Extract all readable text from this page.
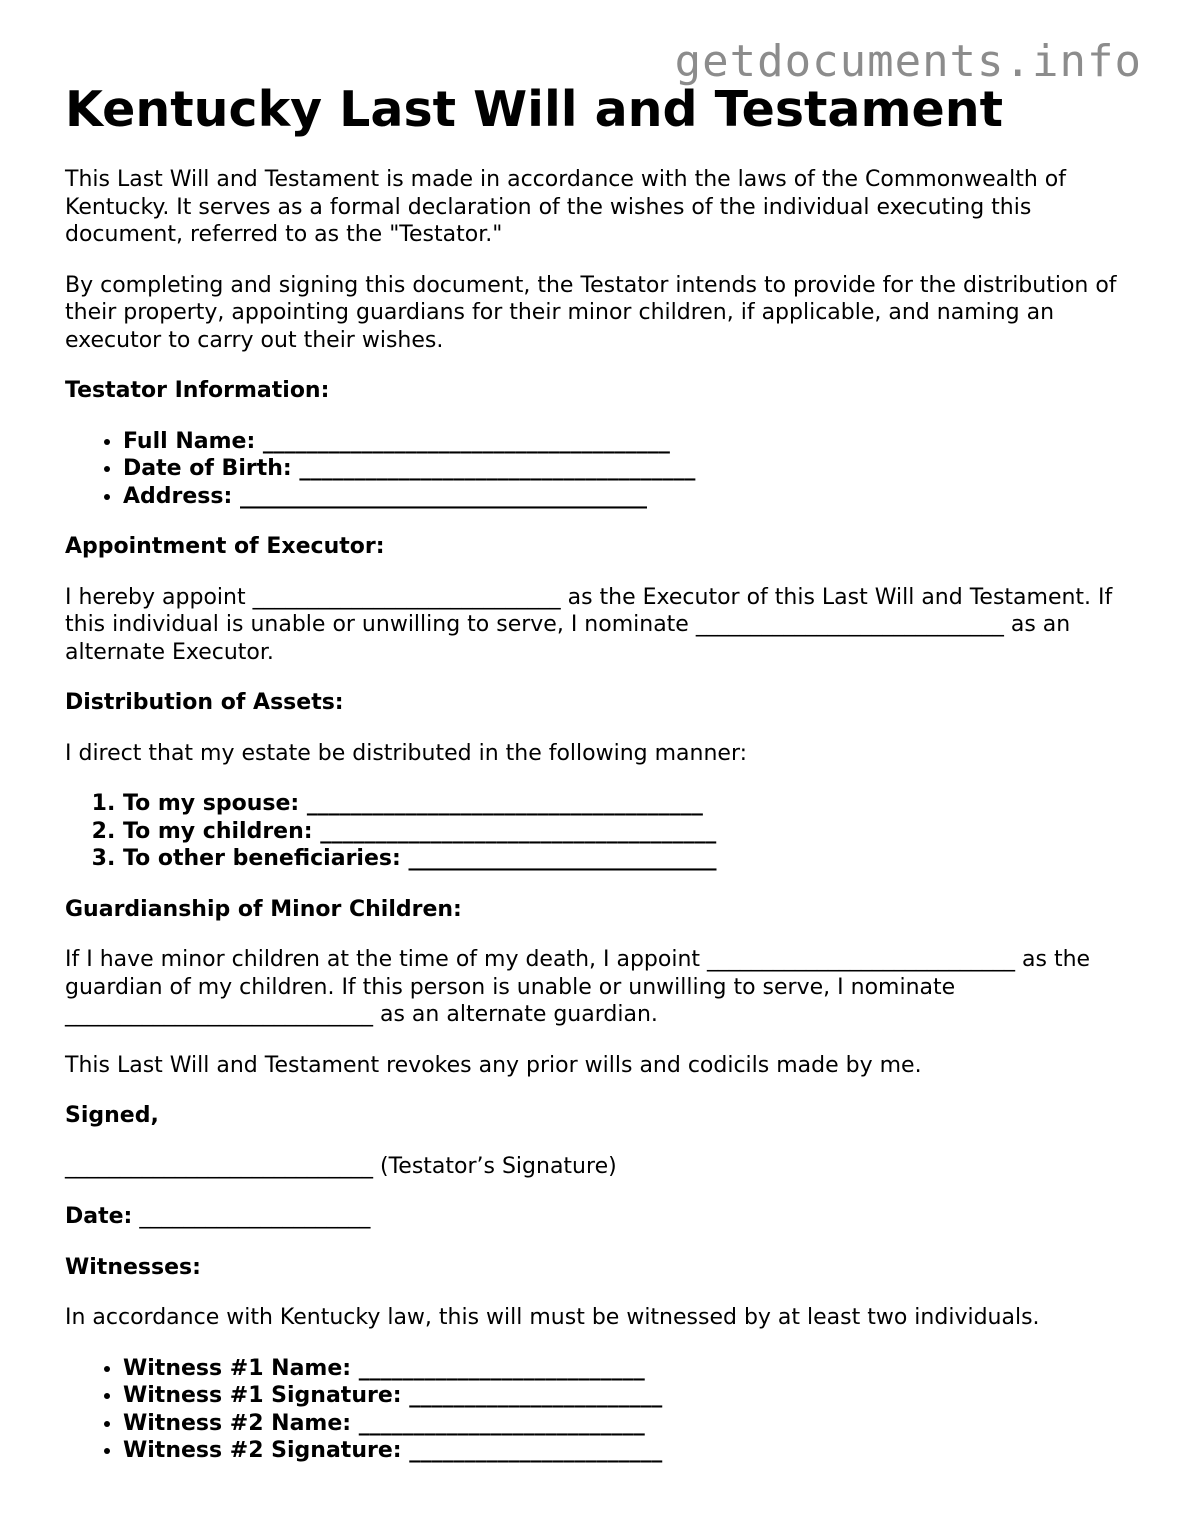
getdocuments.info
Kentucky Last Will and Testament

This Last Will and Testament is made in accordance with the laws of the Commonwealth of Kentucky. It serves as a formal declaration of the wishes of the individual executing this document, referred to as the "Testator."

By completing and signing this document, the Testator intends to provide for the distribution of their property, appointing guardians for their minor children, if applicable, and naming an executor to carry out their wishes.

Testator Information:
• Full Name: _____________________________________
• Date of Birth: ____________________________________
• Address: _____________________________________
Appointment of Executor:

I hereby appoint ____________________________ as the Executor of this Last Will and Testament. If this individual is unable or unwilling to serve, I nominate ____________________________ as an alternate Executor.

Distribution of Assets:

I direct that my estate be distributed in the following manner:

1. To my spouse: ____________________________________
2. To my children: ____________________________________
3. To other beneficiaries: ____________________________
Guardianship of Minor Children:

If I have minor children at the time of my death, I appoint ____________________________ as the guardian of my children. If this person is unable or unwilling to serve, I nominate ____________________________ as an alternate guardian.

This Last Will and Testament revokes any prior wills and codicils made by me.

Signed,

____________________________ (Testator’s Signature)

Date: _____________________

Witnesses:

In accordance with Kentucky law, this will must be witnessed by at least two individuals.

• Witness #1 Name: __________________________
• Witness #1 Signature: _______________________
• Witness #2 Name: __________________________
• Witness #2 Signature: _______________________
